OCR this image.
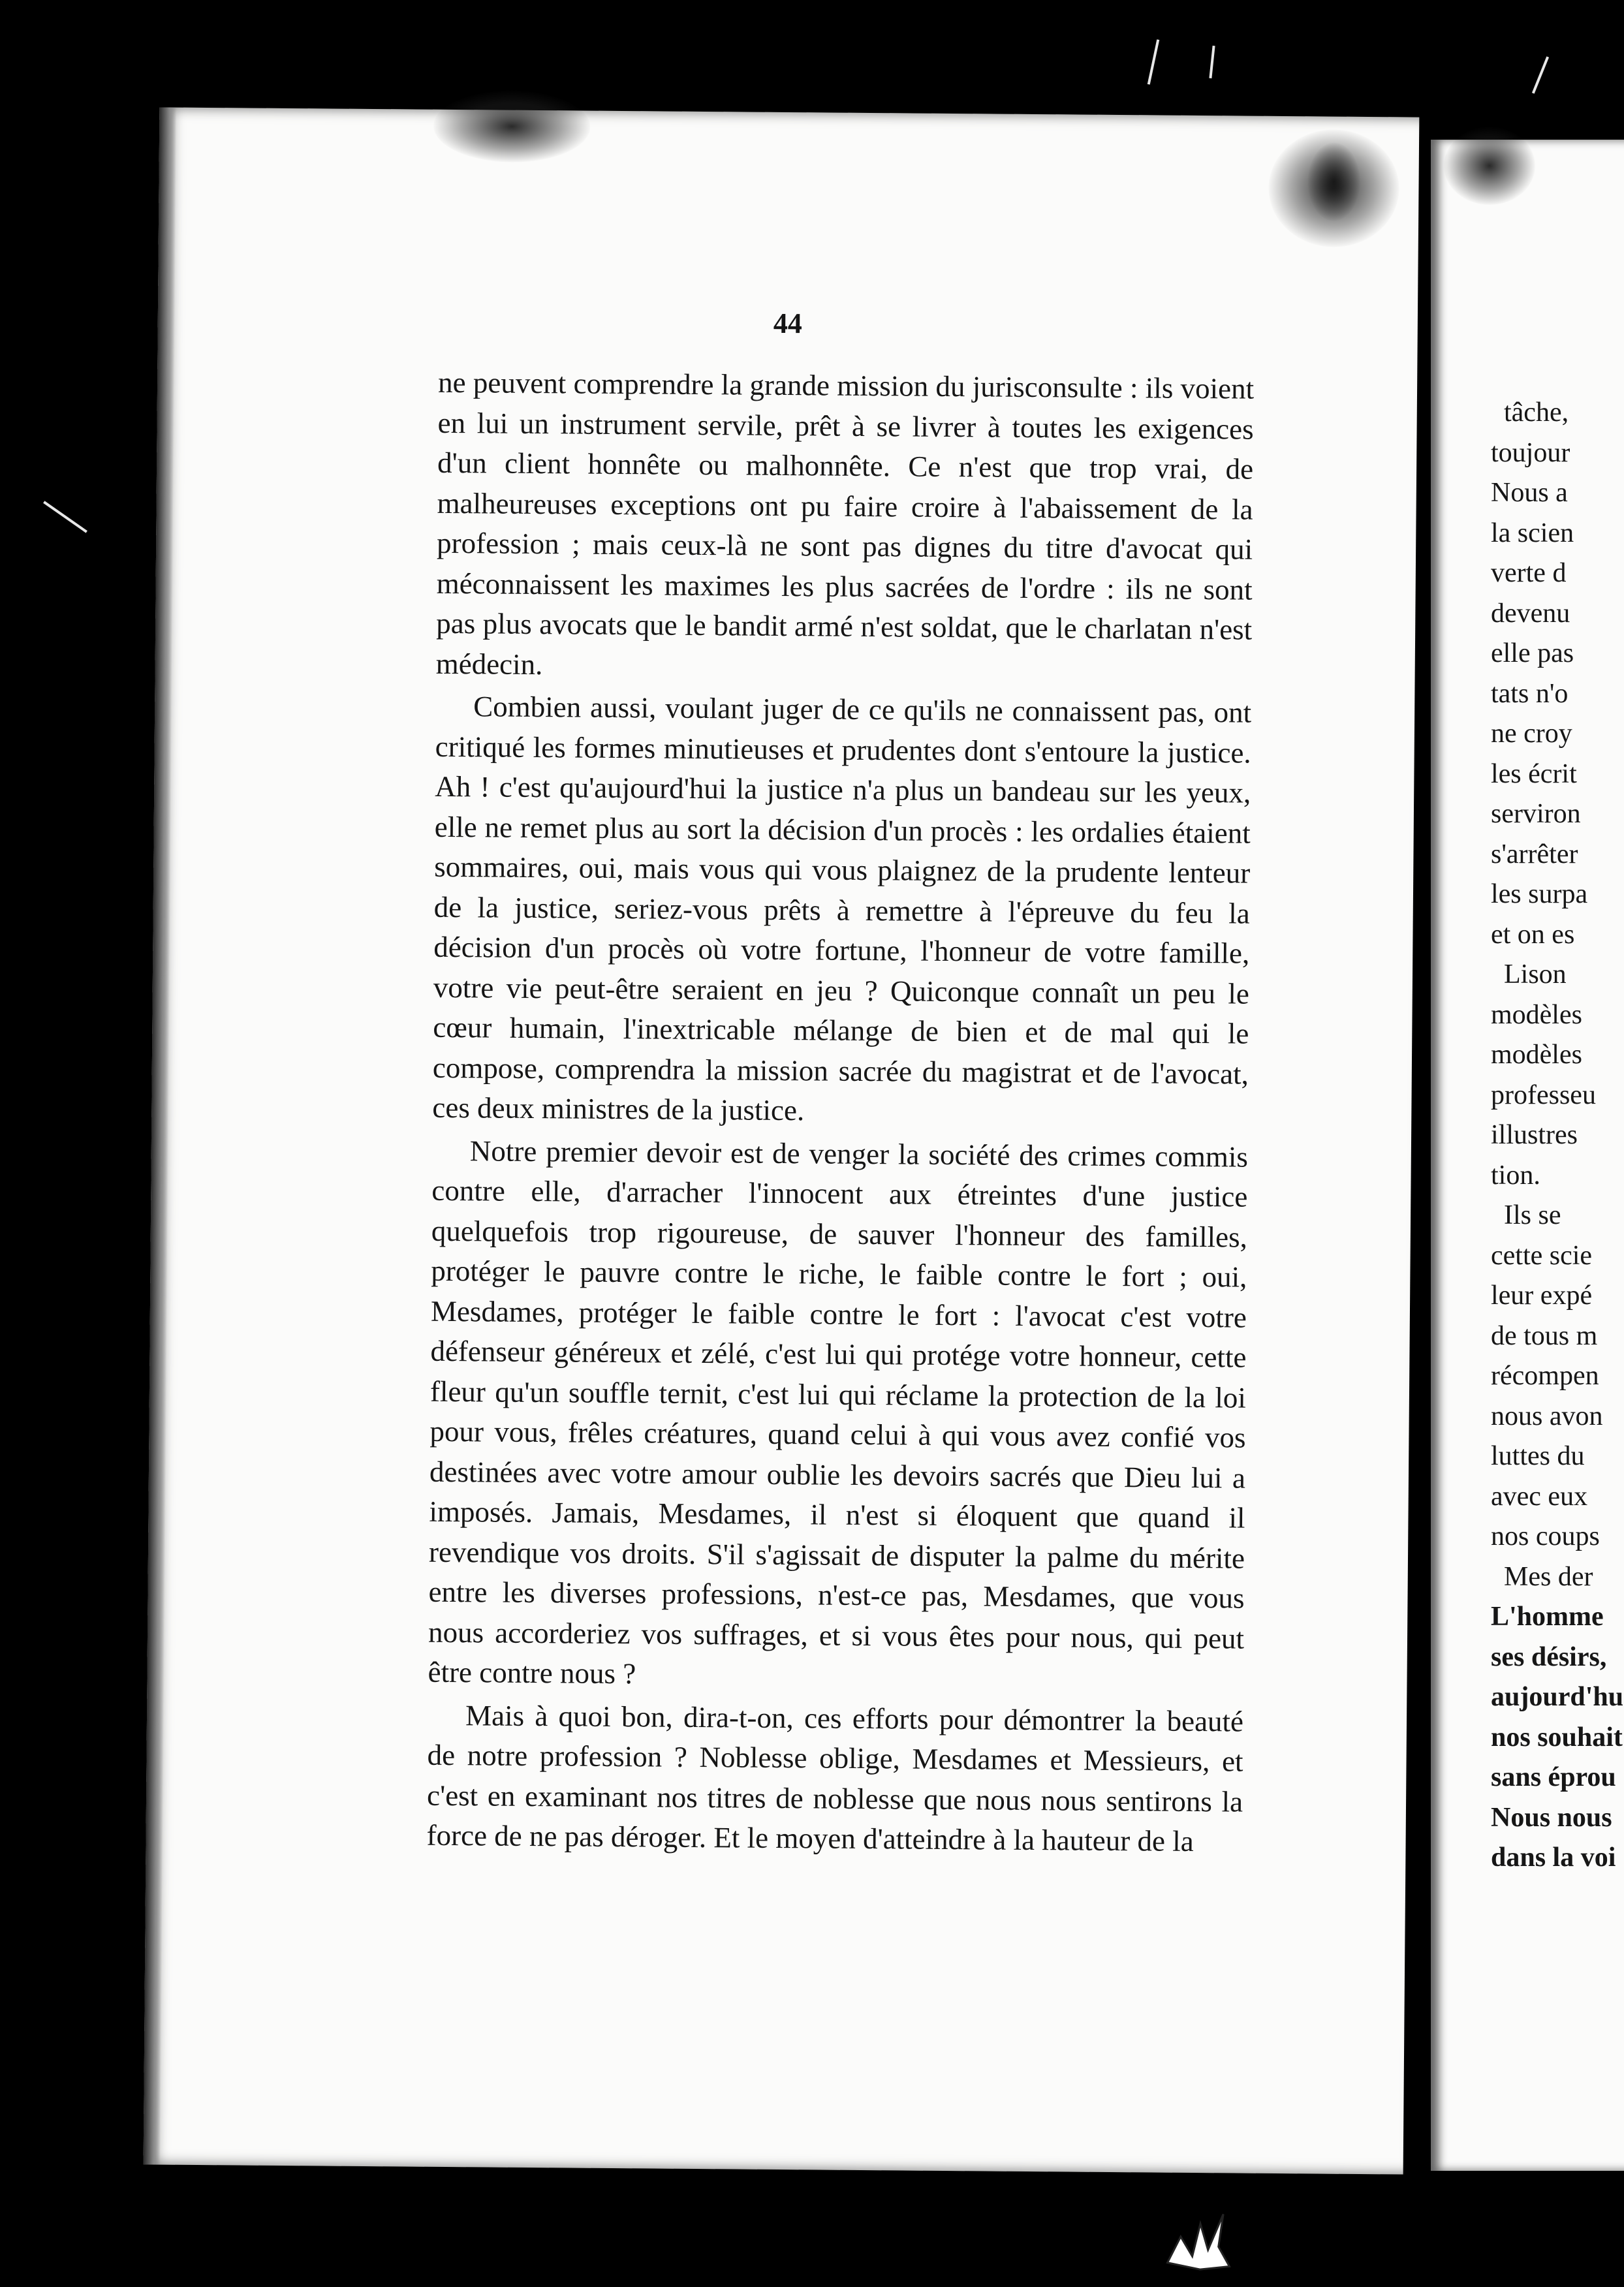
44

ne peuvent comprendre la grande mission du jurisconsulte : ils voient en lui un instrument servile, prêt à se livrer à toutes les exigences d'un client honnête ou malhonnête. Ce n'est que trop vrai, de malheureuses exceptions ont pu faire croire à l'abaissement de la profession ; mais ceux-là ne sont pas dignes du titre d'avocat qui méconnaissent les maximes les plus sacrées de l'ordre : ils ne sont pas plus avocats que le bandit armé n'est soldat, que le charlatan n'est médecin.

Combien aussi, voulant juger de ce qu'ils ne connaissent pas, ont critiqué les formes minutieuses et prudentes dont s'entoure la justice. Ah ! c'est qu'aujourd'hui la justice n'a plus un bandeau sur les yeux, elle ne remet plus au sort la décision d'un procès : les ordalies étaient sommaires, oui, mais vous qui vous plaignez de la prudente lenteur de la justice, seriez-vous prêts à remettre à l'épreuve du feu la décision d'un procès où votre fortune, l'honneur de votre famille, votre vie peut-être seraient en jeu ? Quiconque connaît un peu le cœur humain, l'inextricable mélange de bien et de mal qui le compose, comprendra la mission sacrée du magistrat et de l'avocat, ces deux ministres de la justice.

Notre premier devoir est de venger la société des crimes commis contre elle, d'arracher l'innocent aux étreintes d'une justice quelquefois trop rigoureuse, de sauver l'honneur des familles, protéger le pauvre contre le riche, le faible contre le fort ; oui, Mesdames, protéger le faible contre le fort : l'avocat c'est votre défenseur généreux et zélé, c'est lui qui protége votre honneur, cette fleur qu'un souffle ternit, c'est lui qui réclame la protection de la loi pour vous, frêles créatures, quand celui à qui vous avez confié vos destinées avec votre amour oublie les devoirs sacrés que Dieu lui a imposés. Jamais, Mesdames, il n'est si éloquent que quand il revendique vos droits. S'il s'agissait de disputer la palme du mérite entre les diverses professions, n'est-ce pas, Mesdames, que vous nous accorderiez vos suffrages, et si vous êtes pour nous, qui peut être contre nous ?

Mais à quoi bon, dira-t-on, ces efforts pour démontrer la beauté de notre profession ? Noblesse oblige, Mesdames et Messieurs, et c'est en examinant nos titres de noblesse que nous nous sentirons la force de ne pas déroger. Et le moyen d'atteindre à la hauteur de la

tâche,
toujour
Nous a
la scien
verte d
devenu
elle pas
tats n'o
ne croy
les écrit
serviron
s'arrêter
les surpa
et on es
Lison
modèles
modèles
professeu
illustres
tion.
Ils se
cette scie
leur expé
de tous m
récompen
nous avon
luttes du
avec eux
nos coups
Mes der
L'homme
ses désirs,
aujourd'hu
nos souhait
sans éprou
Nous nous
dans la voi
